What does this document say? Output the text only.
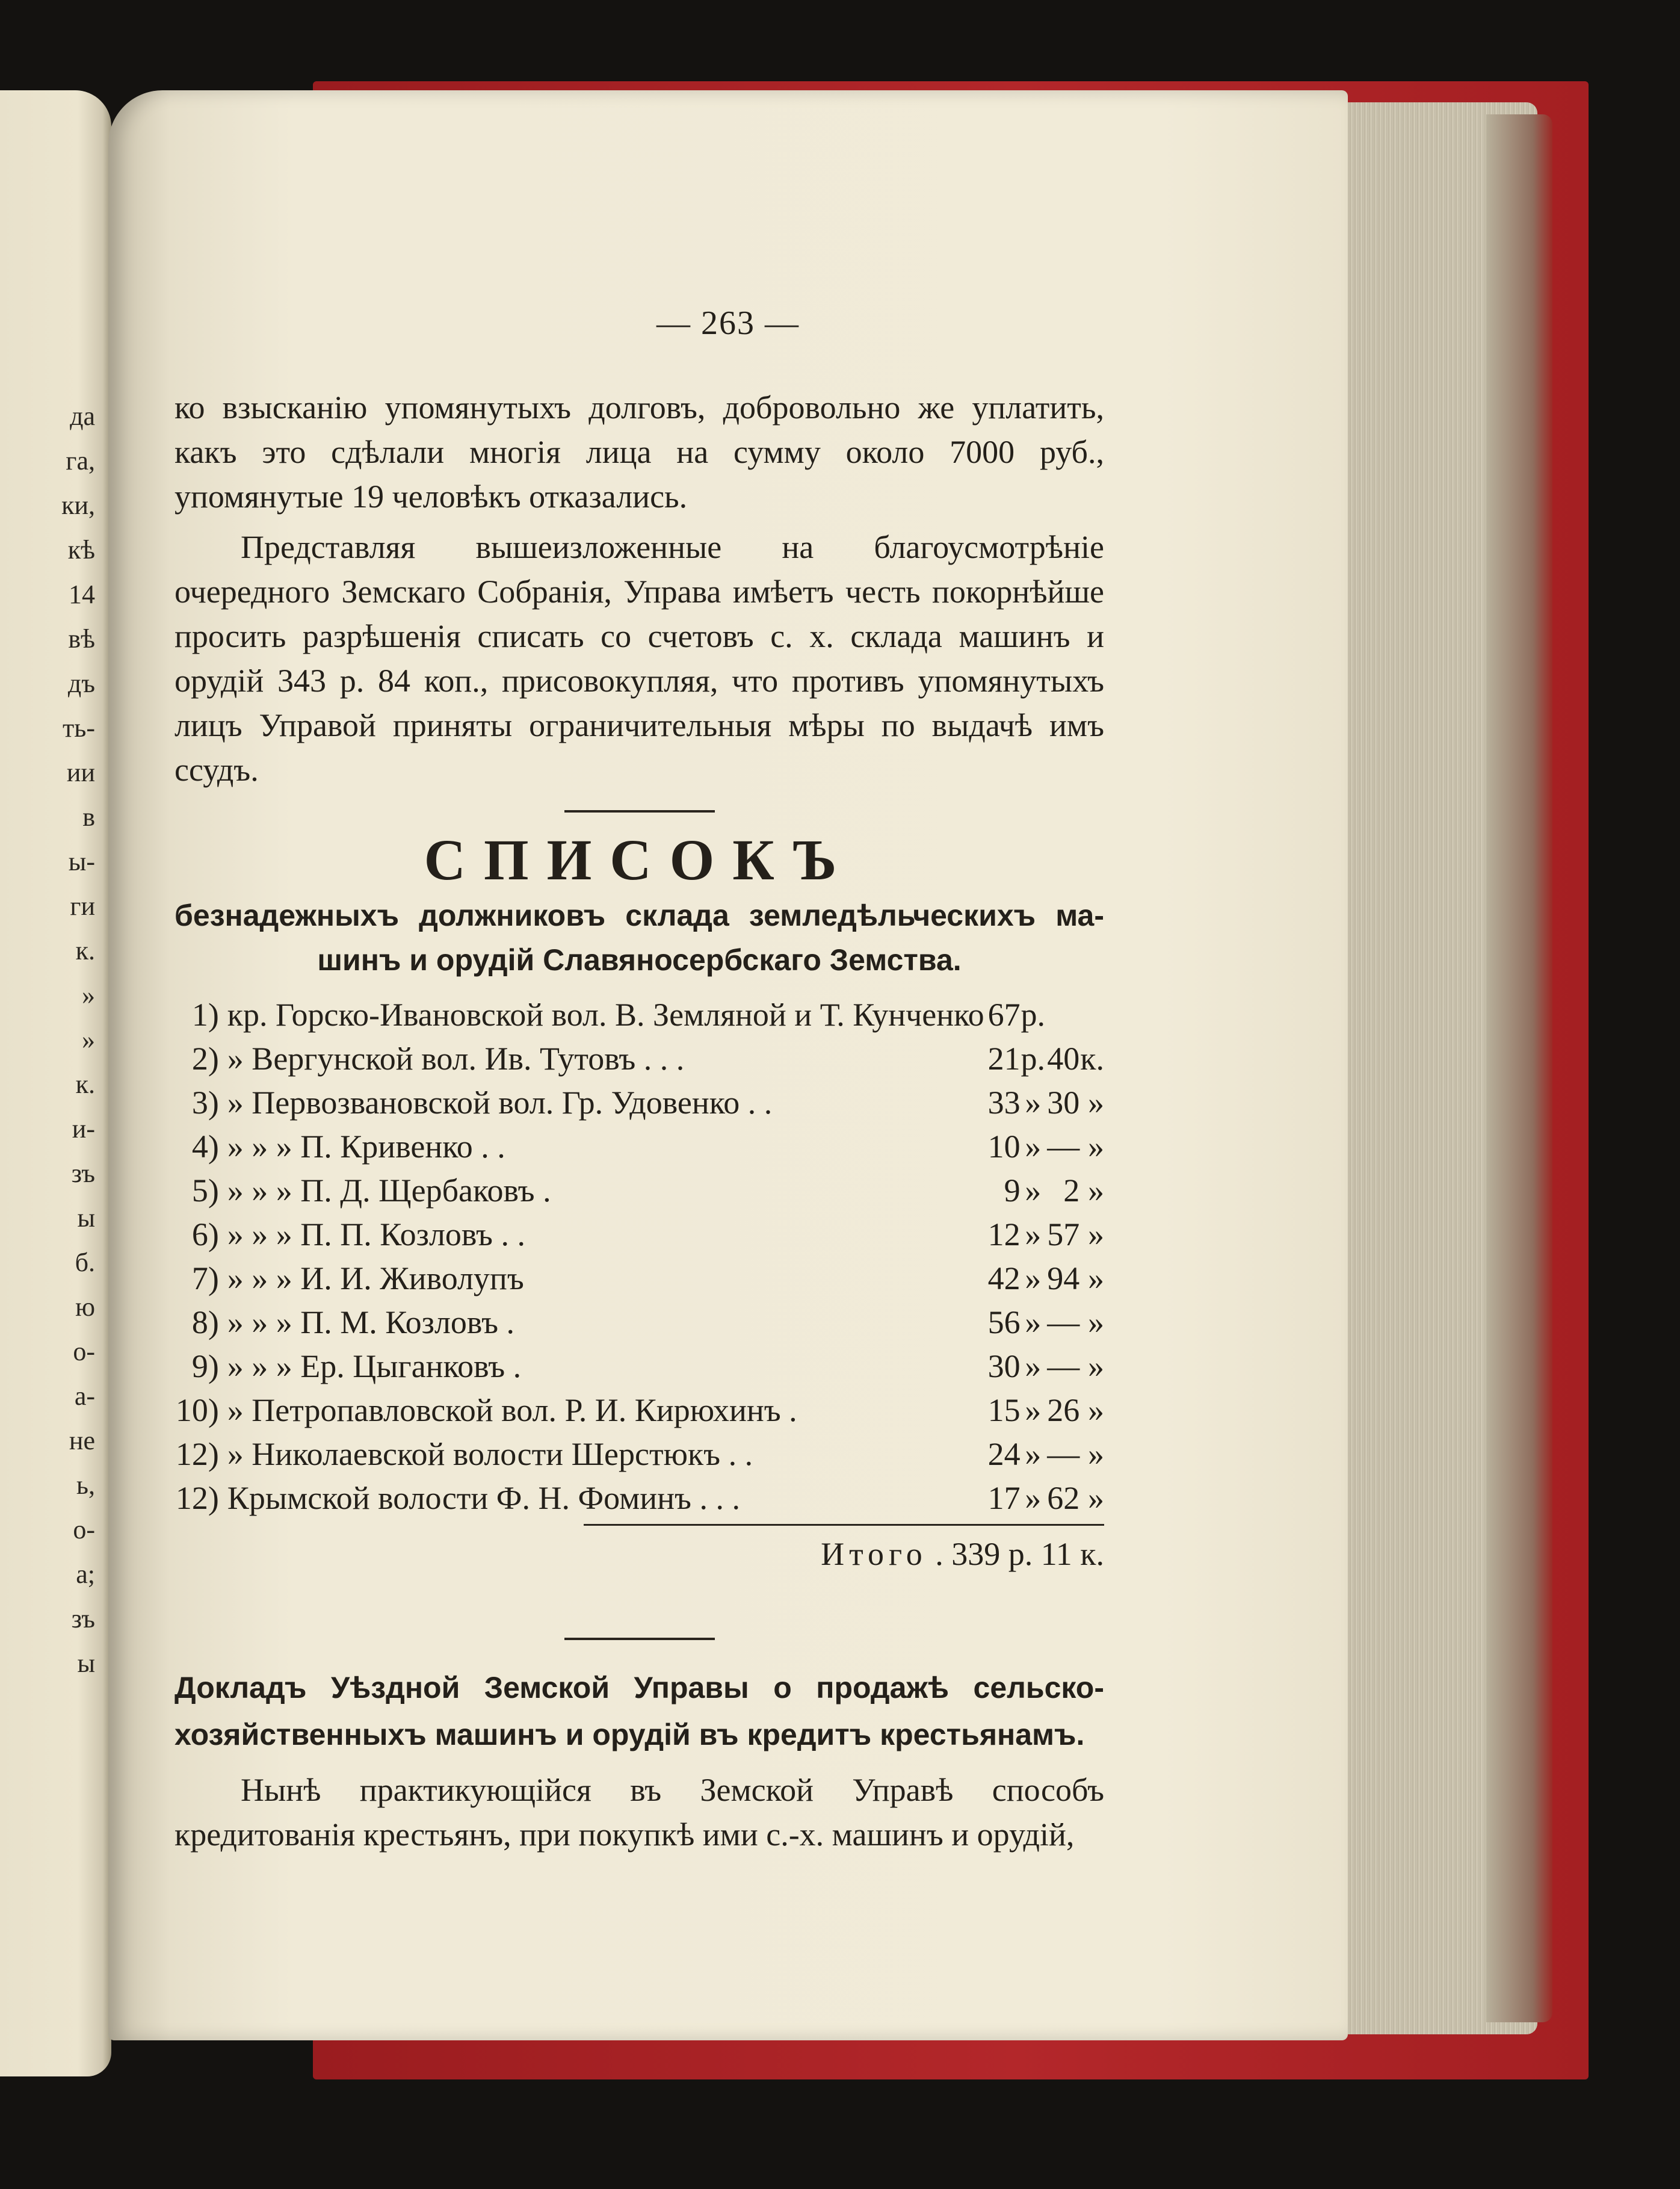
да
га,
ки,
кѣ
14
вѣ
дъ
ть-
ии
в
ы-
ги
к.
»
»
к.
и-
зъ
ы
б.
ю
о-
а-
не
ь,
о-
а;
зъ
ы
— 263 —

ко взысканію упомянутыхъ долговъ, добровольно же уплатить,

какъ это сдѣлали многія лица на сумму около 7000 руб.,

упомянутые 19 человѣкъ отказались.

Представляя вышеизложенные на благоусмотрѣніе очередного Земскаго Собранія, Управа имѣетъ честь покорнѣйше просить разрѣшенія списать со счетовъ с. х. склада машинъ и орудій 343 р. 84 коп., присовокупляя, что противъ упомянутыхъ лицъ Управой приняты ограничительныя мѣры по выдачѣ имъ ссудъ.

СПИСОКЪ

безнадежныхъ должниковъ склада земледѣльческихъ ма-

шинъ и орудій Славяносербскаго Земства.

1)	кр. Горско-Ивановской вол. В. Земляной и Т. Кунченко	67	р.		
2)	» Вергунской вол. Ив. Тутовъ . . .	21	р.	40	к.
3)	» Первозвановской вол. Гр. Удовенко . .	33	»	30	»
4)	» » » П. Кривенко . .	10	»	—	»
5)	» » » П. Д. Щербаковъ .	9	»	2	»
6)	» » » П. П. Козловъ . .	12	»	57	»
7)	» » » И. И. Живолупъ	42	»	94	»
8)	» » » П. М. Козловъ .	56	»	—	»
9)	» » » Ер. Цыганковъ .	30	»	—	»
10)	» Петропавловской вол. Р. И. Кирюхинъ .	15	»	26	»
12)	» Николаевской волости Шерстюкъ . .	24	»	—	»
12)	Крымской волости Ф. Н. Фоминъ . . .	17	»	62	»

Итого . 339 р. 11 к.

Докладъ Уѣздной Земской Управы о продажѣ сельско-хозяйственныхъ машинъ и орудій въ кредитъ крестьянамъ.

Нынѣ практикующійся въ Земской Управѣ способъ кредитованія крестьянъ, при покупкѣ ими с.-х. машинъ и орудій,
